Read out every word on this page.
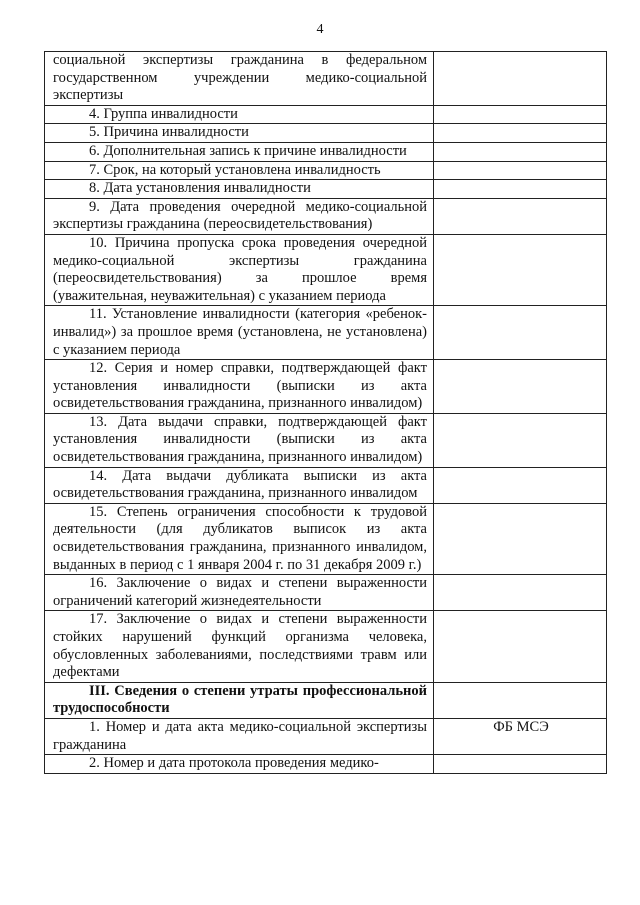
4
социальной экспертизы гражданина в федеральном государственном учреждении медико-социальной экспертизы	

4. Группа инвалидности	

5. Причина инвалидности	

6. Дополнительная запись к причине инвалидности	

7. Срок, на который установлена инвалидность	

8. Дата установления инвалидности	

9. Дата проведения очередной медико-социальной экспертизы гражданина (переосвидетельствования)	

10. Причина пропуска срока проведения очередной медико-социальной экспертизы гражданина (переосвидетельствования) за прошлое время (уважительная, неуважительная) с указанием периода	

11. Установление инвалидности (категория «ребенок-инвалид») за прошлое время (установлена, не установлена) с указанием периода	

12. Серия и номер справки, подтверждающей факт установления инвалидности (выписки из акта освидетельствования гражданина, признанного инвалидом)	

13. Дата выдачи справки, подтверждающей факт установления инвалидности (выписки из акта освидетельствования гражданина, признанного инвалидом)	

14. Дата выдачи дубликата выписки из акта освидетельствования гражданина, признанного инвалидом	

15. Степень ограничения способности к трудовой деятельности (для дубликатов выписок из акта освидетельствования гражданина, признанного инвалидом, выданных в период с 1 января 2004 г. по 31 декабря 2009 г.)	

16. Заключение о видах и степени выраженности ограничений категорий жизнедеятельности	

17. Заключение о видах и степени выраженности стойких нарушений функций организма человека, обусловленных заболеваниями, последствиями травм или дефектами	

III. Сведения о степени утраты профессиональной трудоспособности	

1. Номер и дата акта медико-социальной экспертизы гражданина	ФБ МСЭ

2. Номер и дата протокола проведения медико-	
